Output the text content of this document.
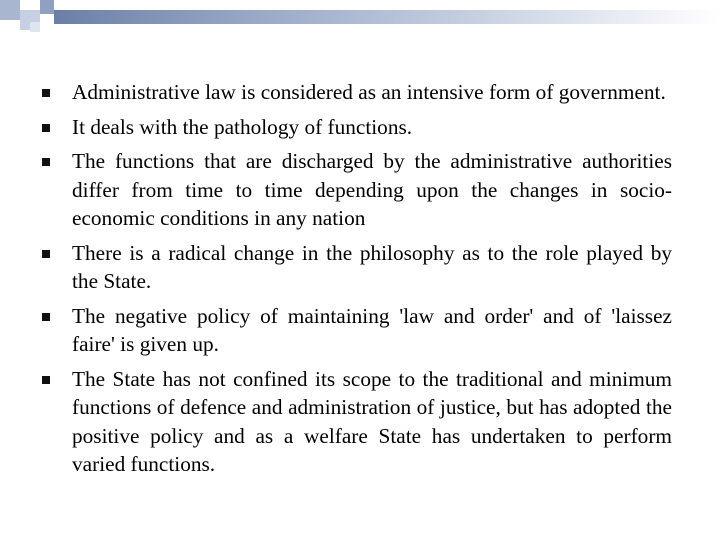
Administrative law is considered as an intensive form of government.
It deals with the pathology of functions.
The functions that are discharged by the administrative authorities differ from time to time depending upon the changes in socio-economic conditions in any nation
There is a radical change in the philosophy as to the role played by the State.
The negative policy of maintaining 'law and order' and of 'laissez faire' is given up.
The State has not confined its scope to the traditional and minimum functions of defence and administration of justice, but has adopted the positive policy and as a welfare State has undertaken to perform varied functions.
